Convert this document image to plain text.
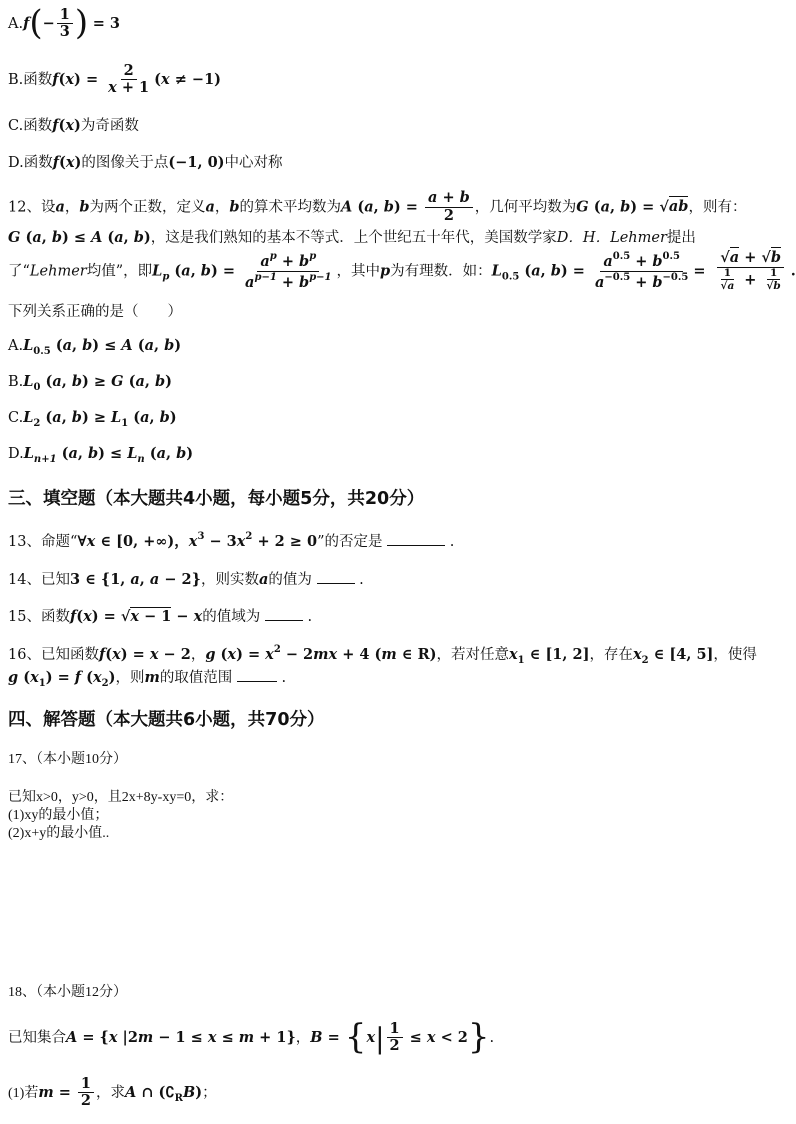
$A.f(- \frac{1}{3}$ ) = 3
B.函数$f(x) = \frac{2}{x + 1} (x \ne -1)$
C.函数f(x)为奇函数
D.函数f(x)的图像关于点(−1, 0)中心对称
12、设a，b为两个正数，定义a，b的算术平均数为A (a, $b) = \frac{a + b}{2}$ ，几何平均数为G (a, b) = √ab，则有：
G (a, b) ≤ A (a, b)，这是我们熟知的基本不等式．上个世纪五十年代，美国数学家D．H．Lehmer提出
了“Lehmer均值”，即$L_p$ (a, $b) = \frac{a^p + b^p}{a^{p-1} + b^{p-1}}$ ，其中p为有理数．如：$L_{0.5}$ (a, $b) = \frac{a^{0.5} + b^{0.5}}{a^{-0.5} + b^{-0.5}} = \frac{√a + √b}{\frac{1}{√a} + \frac{1}{√b}}$ .
下列关系正确的是（　　）
$A.L_{0.5}$ (a, b) ≤ A (a, b)
$B.L_0$ (a, b) ≥ G (a, b)
$C.L_2$ (a, $b) \ge L_1$ (a, b)
$D.L_{n+1}$ (a, $b) \le L_n$ (a, b)
三、填空题（本大题共4小题，每小题5分，共20分）
13、命题“∀x ∈ [0, +∞)，$x^3 - 3x^2 + 2 \ge 0$”的否定是	.
14、已知3 ∈ {1, a, a − 2}，则实数a的值为	.
15、函数f(x) = √x − 1 − x的值域为	.
16、已知函数f(x) = x − 2，g $(x) = x^2 - 2mx + 4$ (m ∈ R)，若对任意$x_1$ ∈ [1, 2]，存在$x_2$ ∈ [4, 5]，使得
g $(x_1) = f$ $(x_2)$，则m的取值范围	.
四、解答题（本大题共6小题，共70分）
17、（本小题10分）
已知x>0，y>0，且2x+8y-xy=0，求：
(1)xy的最小值；
(2)x+y的最小值..
18、（本小题12分）
已知集合A = {x |2m − 1 ≤ x ≤ m + 1}，$B = \{x| \frac{1}{2} \le x < 2\}$.
(1)若$m = \frac{1}{2}$ ，求A ∩ $(∁_RB)$；
